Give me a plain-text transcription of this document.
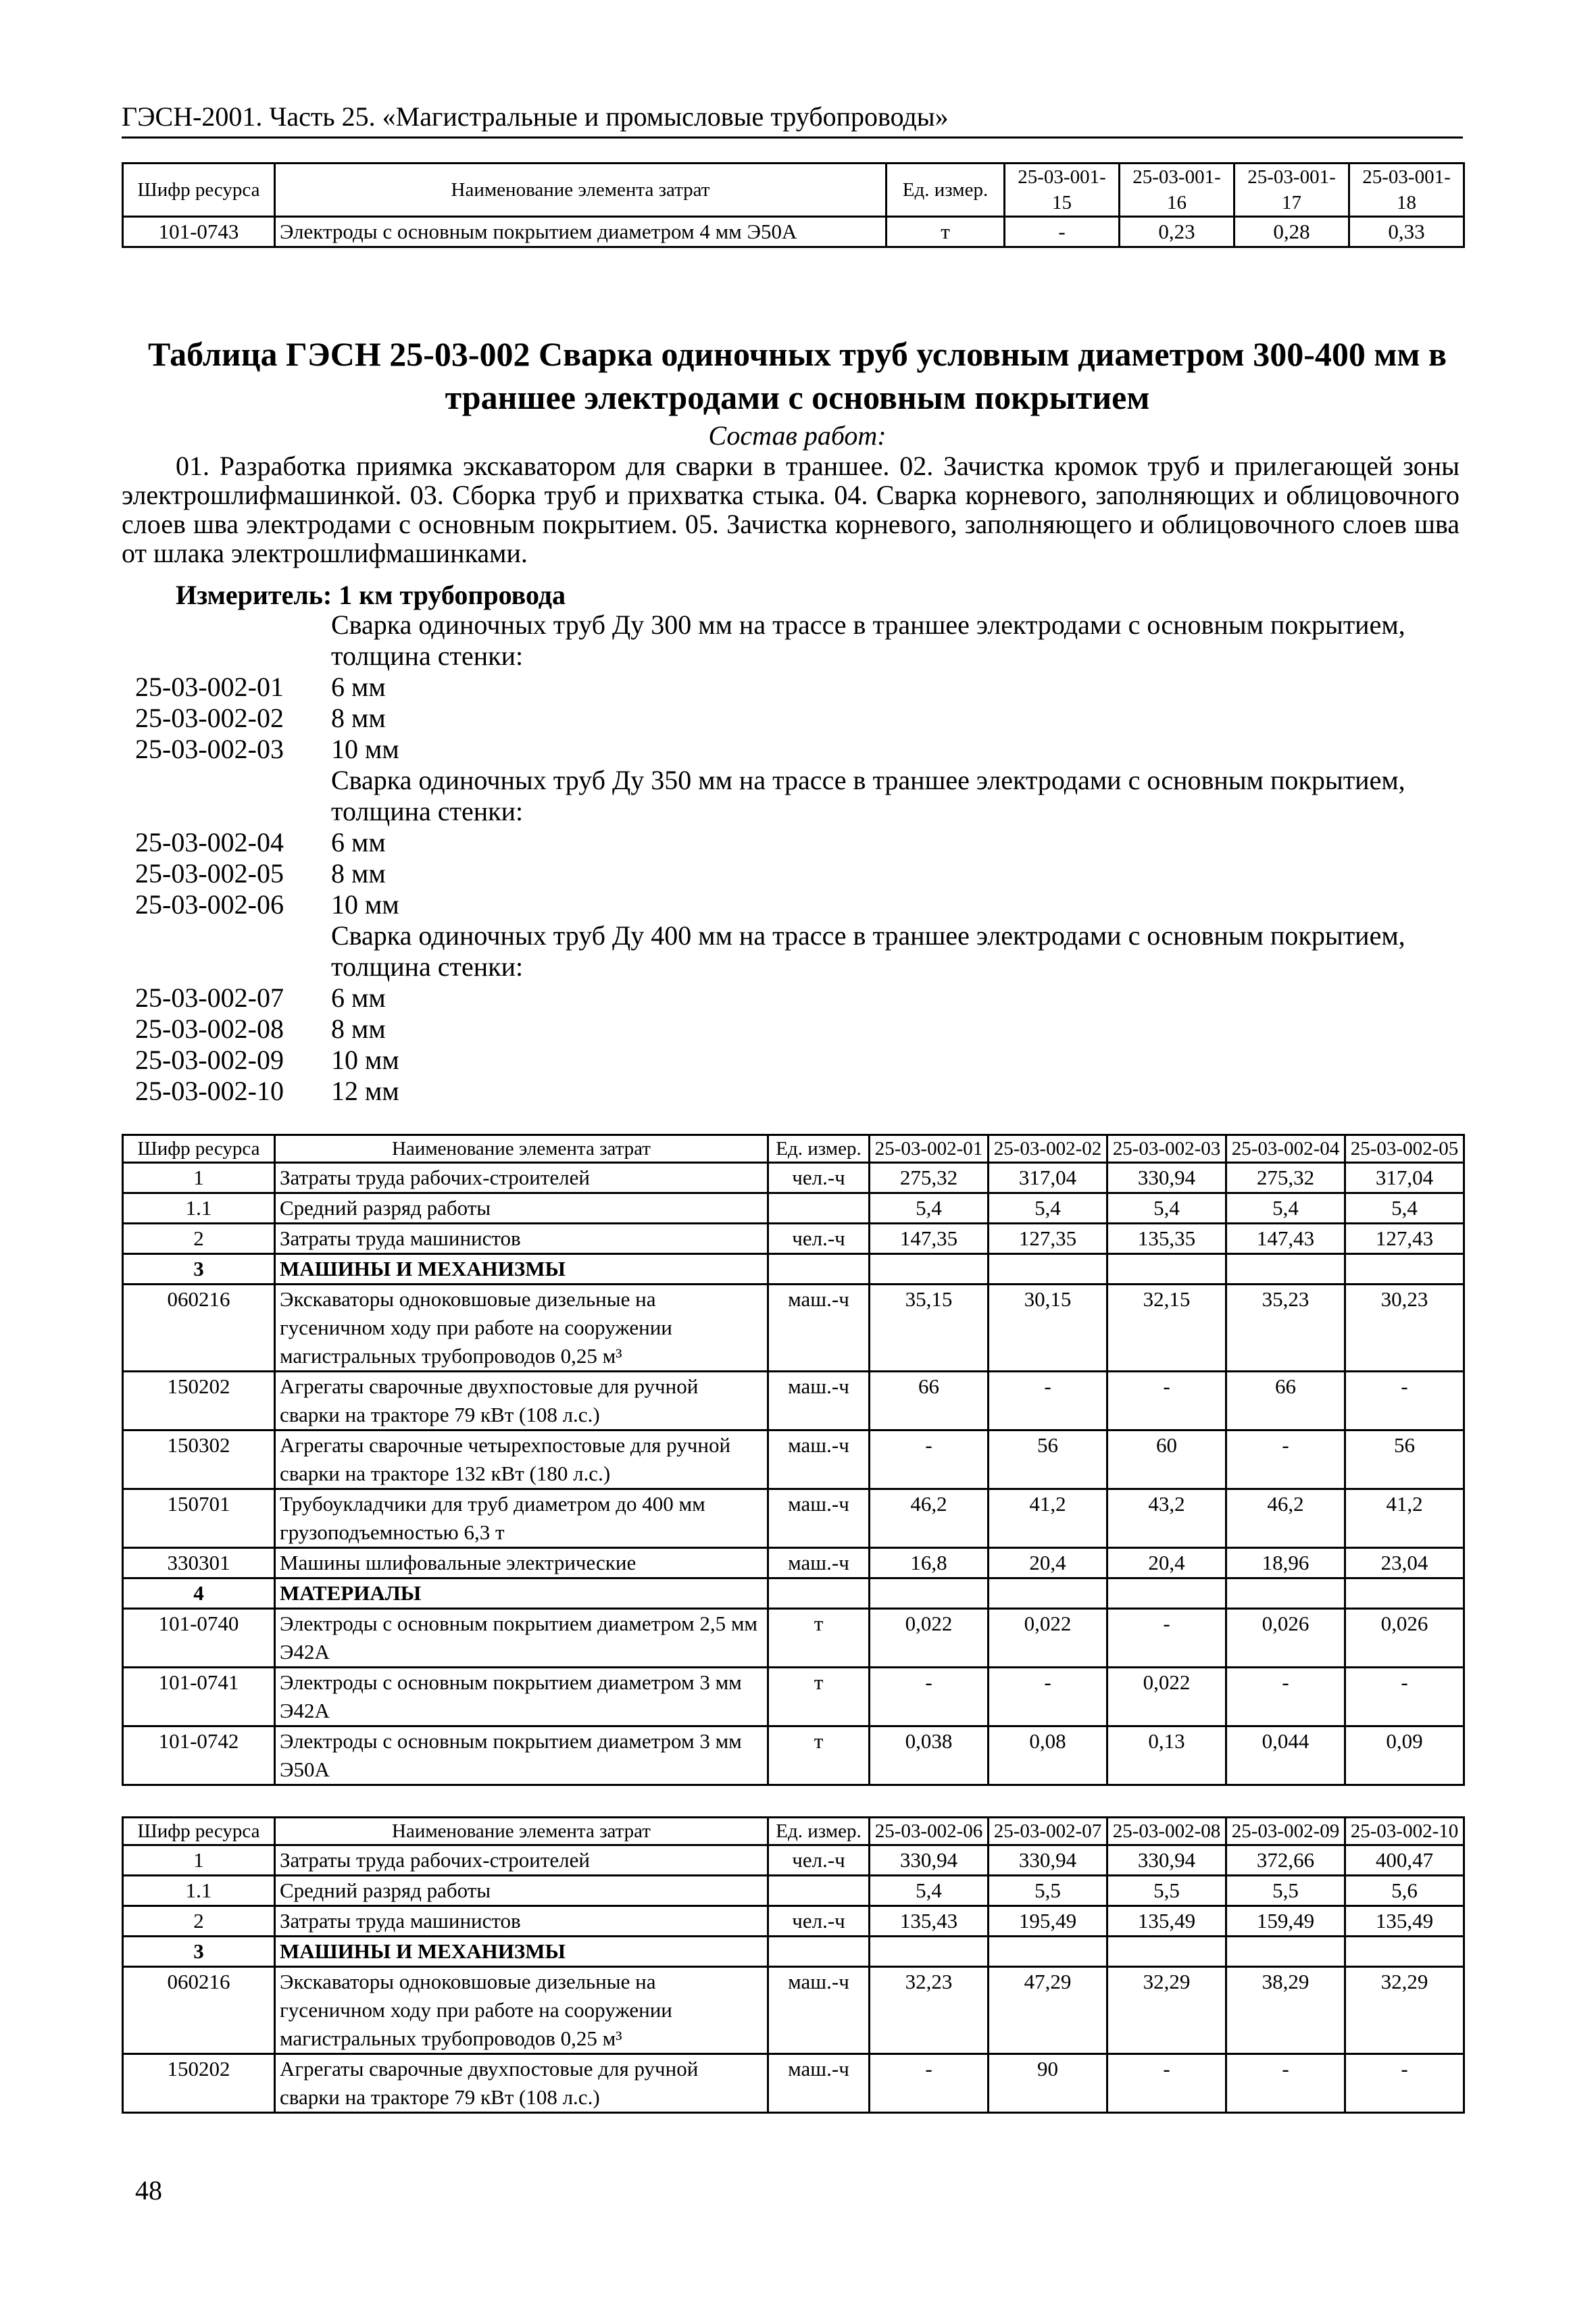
ГЭСН-2001. Часть 25. «Магистральные и промысловые трубопроводы»
Шифр ресурса	Наименование элемента затрат	Ед. измер.	25-03-001-15	25-03-001-16	25-03-001-17	25-03-001-18
101-0743	Электроды с основным покрытием диаметром 4 мм Э50А	т	-	0,23	0,28	0,33
Таблица ГЭСН 25-03-002 Сварка одиночных труб условным диаметром 300-400 мм в траншее электродами с основным покрытием
Состав работ:
01. Разработка приямка экскаватором для сварки в траншее. 02. Зачистка кромок труб и прилегающей зоны электрошлифмашинкой. 03. Сборка труб и прихватка стыка. 04. Сварка корневого, заполняющих и облицовочного слоев шва электродами с основным покрытием. 05. Зачистка корневого, заполняющего и облицовочного слоев шва от шлака электрошлифмашинками.
Измеритель: 1 км трубопровода
Сварка одиночных труб Ду 300 мм на трассе в траншее электродами с основным покрытием, толщина стенки:
25-03-002-01	6 мм
25-03-002-02	8 мм
25-03-002-03	10 мм
Сварка одиночных труб Ду 350 мм на трассе в траншее электродами с основным покрытием, толщина стенки:
25-03-002-04	6 мм
25-03-002-05	8 мм
25-03-002-06	10 мм
Сварка одиночных труб Ду 400 мм на трассе в траншее электродами с основным покрытием, толщина стенки:
25-03-002-07	6 мм
25-03-002-08	8 мм
25-03-002-09	10 мм
25-03-002-10	12 мм
Шифр ресурса	Наименование элемента затрат	Ед. измер.	25-03-002-01	25-03-002-02	25-03-002-03	25-03-002-04	25-03-002-05
1	Затраты труда рабочих-строителей	чел.-ч	275,32	317,04	330,94	275,32	317,04
1.1	Средний разряд работы		5,4	5,4	5,4	5,4	5,4
2	Затраты труда машинистов	чел.-ч	147,35	127,35	135,35	147,43	127,43
3	МАШИНЫ И МЕХАНИЗМЫ						
060216	Экскаваторы одноковшовые дизельные на гусеничном ходу при работе на сооружении магистральных трубопроводов 0,25 м³	маш.-ч	35,15	30,15	32,15	35,23	30,23
150202	Агрегаты сварочные двухпостовые для ручной сварки на тракторе 79 кВт (108 л.с.)	маш.-ч	66	-	-	66	-
150302	Агрегаты сварочные четырехпостовые для ручной сварки на тракторе 132 кВт (180 л.с.)	маш.-ч	-	56	60	-	56
150701	Трубоукладчики для труб диаметром до 400 мм грузоподъемностью 6,3 т	маш.-ч	46,2	41,2	43,2	46,2	41,2
330301	Машины шлифовальные электрические	маш.-ч	16,8	20,4	20,4	18,96	23,04
4	МАТЕРИАЛЫ						
101-0740	Электроды с основным покрытием диаметром 2,5 мм Э42А	т	0,022	0,022	-	0,026	0,026
101-0741	Электроды с основным покрытием диаметром 3 мм Э42А	т	-	-	0,022	-	-
101-0742	Электроды с основным покрытием диаметром 3 мм Э50А	т	0,038	0,08	0,13	0,044	0,09
Шифр ресурса	Наименование элемента затрат	Ед. измер.	25-03-002-06	25-03-002-07	25-03-002-08	25-03-002-09	25-03-002-10
1	Затраты труда рабочих-строителей	чел.-ч	330,94	330,94	330,94	372,66	400,47
1.1	Средний разряд работы		5,4	5,5	5,5	5,5	5,6
2	Затраты труда машинистов	чел.-ч	135,43	195,49	135,49	159,49	135,49
3	МАШИНЫ И МЕХАНИЗМЫ						
060216	Экскаваторы одноковшовые дизельные на гусеничном ходу при работе на сооружении магистральных трубопроводов 0,25 м³	маш.-ч	32,23	47,29	32,29	38,29	32,29
150202	Агрегаты сварочные двухпостовые для ручной сварки на тракторе 79 кВт (108 л.с.)	маш.-ч	-	90	-	-	-
48
